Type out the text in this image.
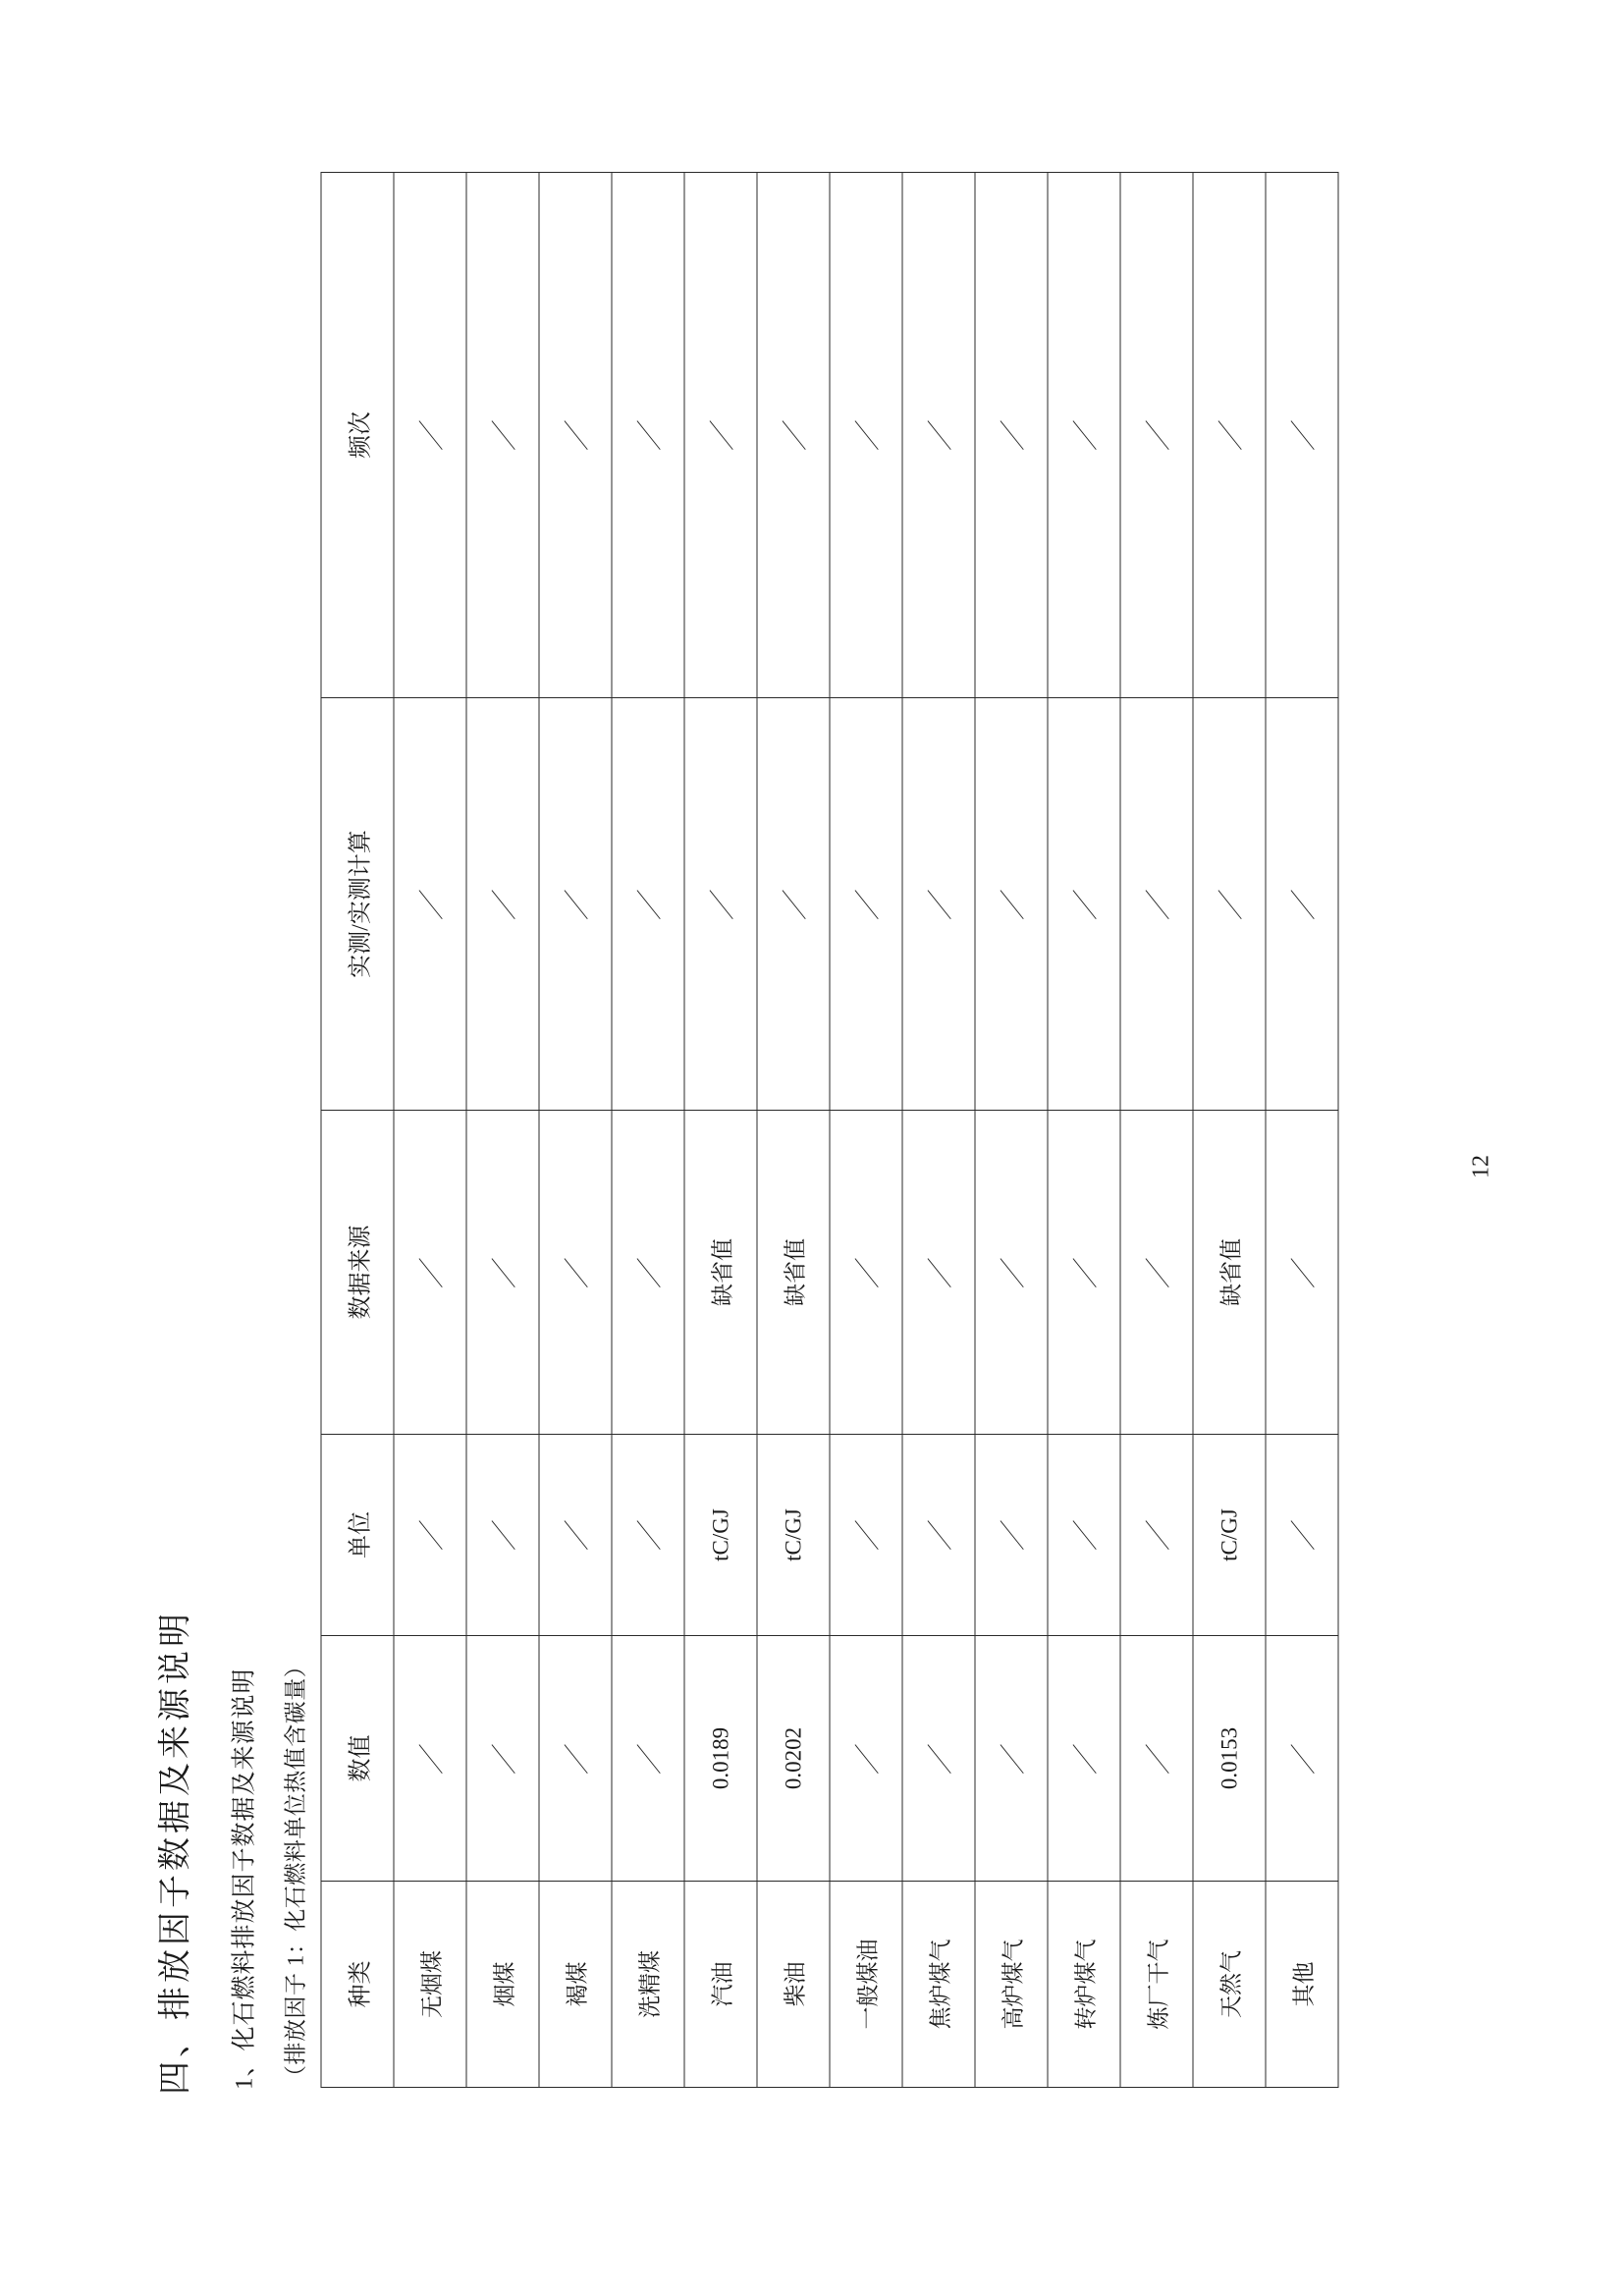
四、排放因子数据及来源说明 1、化石燃料排放因子数据及来源说明 （排放因子 1：化石燃料单位热值含碳量） 种类	数值	单位	数据来源	实测/实测计算	频次
无烟煤	／	／	／	／	／
烟煤	／	／	／	／	／
褐煤	／	／	／	／	／
洗精煤	／	／	／	／	／
汽油	0.0189	tC/GJ	缺省值	／	／
柴油	0.0202	tC/GJ	缺省值	／	／
一般煤油	／	／	／	／	／
焦炉煤气	／	／	／	／	／
高炉煤气	／	／	／	／	／
转炉煤气	／	／	／	／	／
炼厂干气	／	／	／	／	／
天然气	0.0153	tC/GJ	缺省值	／	／
其他	／	／	／	／	／
12
